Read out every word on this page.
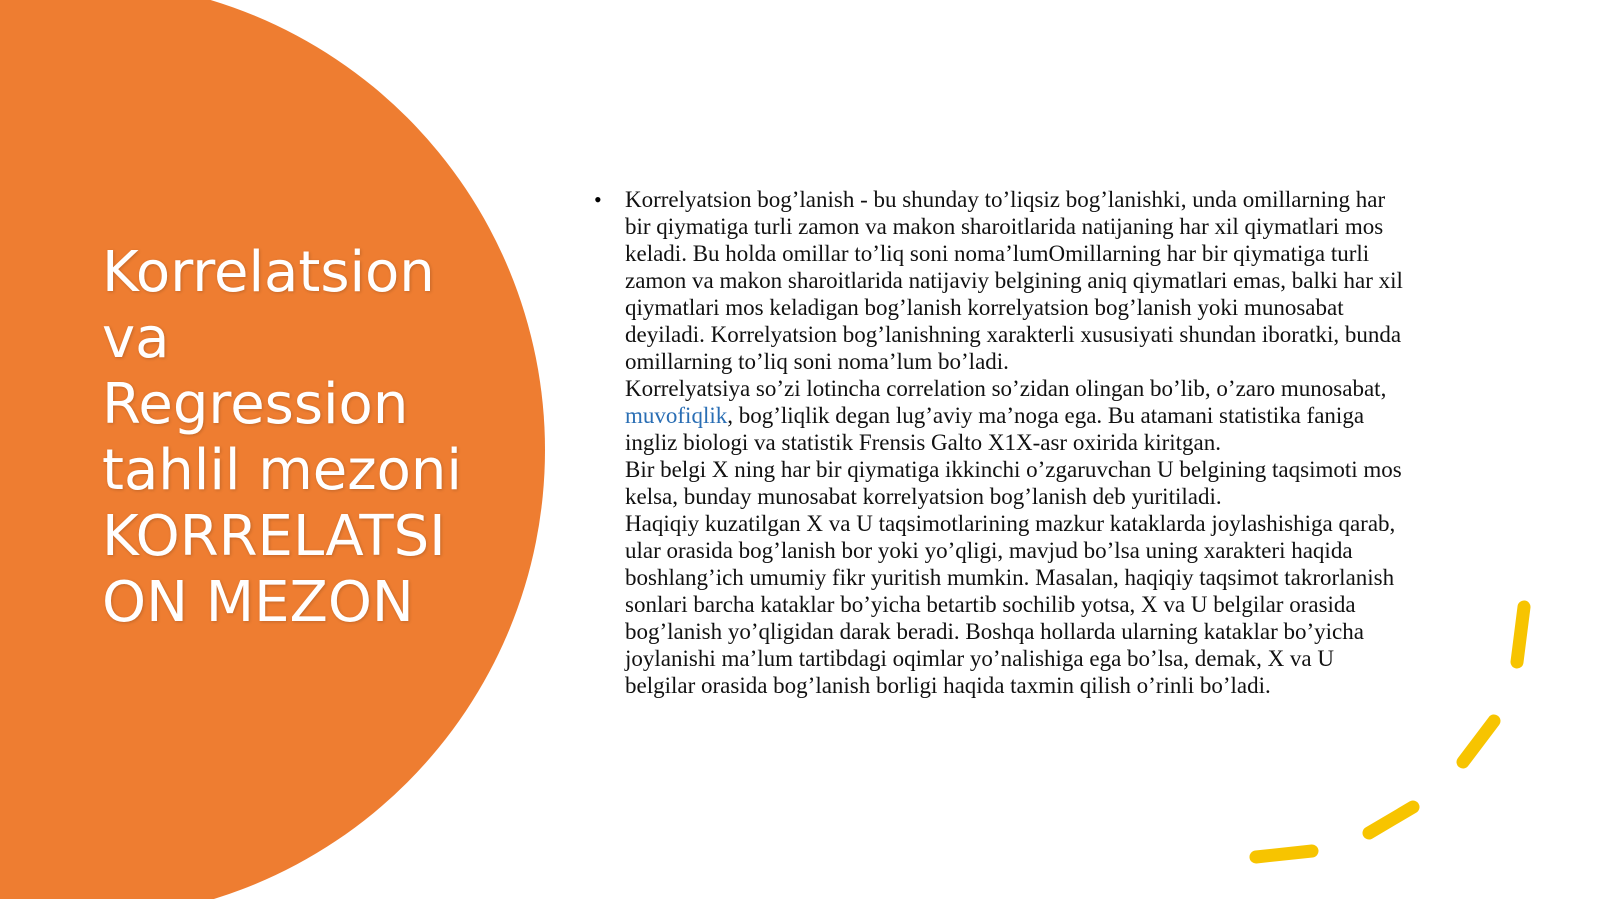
Korrelatsion
va
Regression
tahlil mezoni
KORRELATSI
ON MEZON
• Korrelyatsion bog’lanish - bu shunday to’liqsiz bog’lanishki, unda omillarning har
bir qiymatiga turli zamon va makon sharoitlarida natijaning har xil qiymatlari mos
keladi. Bu holda omillar to’liq soni noma’lumOmillarning har bir qiymatiga turli
zamon va makon sharoitlarida natijaviy belgining aniq qiymatlari emas, balki har xil
qiymatlari mos keladigan bog’lanish korrelyatsion bog’lanish yoki munosabat
deyiladi. Korrelyatsion bog’lanishning xarakterli xususiyati shundan iboratki, bunda
omillarning to’liq soni noma’lum bo’ladi.

Korrelyatsiya so’zi lotincha correlation so’zidan olingan bo’lib, o’zaro munosabat,
muvofiqlik, bog’liqlik degan lug’aviy ma’noga ega. Bu atamani statistika faniga
ingliz biologi va statistik Frensis Galto X1X-asr oxirida kiritgan.

Bir belgi X ning har bir qiymatiga ikkinchi o’zgaruvchan U belgining taqsimoti mos
kelsa, bunday munosabat korrelyatsion bog’lanish deb yuritiladi.

Haqiqiy kuzatilgan X va U taqsimotlarining mazkur kataklarda joylashishiga qarab,
ular orasida bog’lanish bor yoki yo’qligi, mavjud bo’lsa uning xarakteri haqida
boshlang’ich umumiy fikr yuritish mumkin. Masalan, haqiqiy taqsimot takrorlanish
sonlari barcha kataklar bo’yicha betartib sochilib yotsa, X va U belgilar orasida
bog’lanish yo’qligidan darak beradi. Boshqa hollarda ularning kataklar bo’yicha
joylanishi ma’lum tartibdagi oqimlar yo’nalishiga ega bo’lsa, demak, X va U
belgilar orasida bog’lanish borligi haqida taxmin qilish o’rinli bo’ladi.
